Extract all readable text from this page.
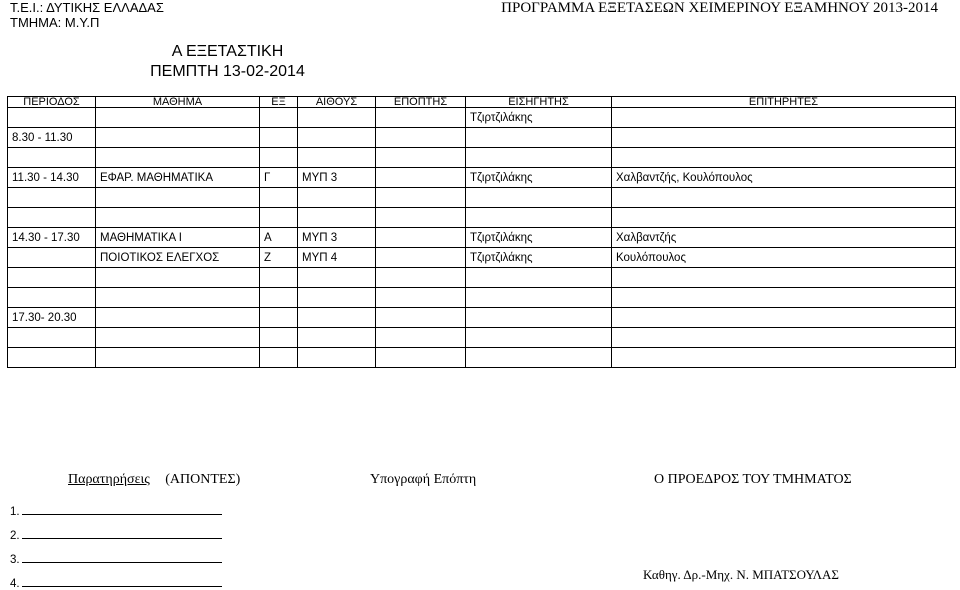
Τ.Ε.Ι.: ΔΥΤΙΚΗΣ ΕΛΛΑΔΑΣ
ΤΜΗΜΑ: Μ.Υ.Π
ΠΡΟΓΡΑΜΜΑ ΕΞΕΤΑΣΕΩΝ ΧΕΙΜΕΡΙΝΟΥ ΕΞΑΜΗΝΟΥ 2013-2014
Α ΕΞΕΤΑΣΤΙΚΗ
ΠΕΜΠΤΗ 13-02-2014
ΠΕΡΙΟΔΟΣ	ΜΑΘΗΜΑ	ΕΞ	ΑΙΘΟΥΣ	ΕΠΟΠΤΗΣ	ΕΙΣΗΓΗΤΗΣ	ΕΠΙΤΗΡΗΤΕΣ
					Τζιρτζιλάκης	
8.30 - 11.30						

11.30 - 14.30	ΕΦΑΡ. ΜΑΘΗΜΑΤΙΚΑ	Γ	ΜΥΠ 3		Τζιρτζιλάκης	Χαλβαντζής, Κουλόπουλος

14.30 - 17.30	ΜΑΘΗΜΑΤΙΚΑ Ι	Α	ΜΥΠ 3		Τζιρτζιλάκης	Χαλβαντζής
	ΠΟΙΟΤΙΚΟΣ ΕΛΕΓΧΟΣ	Ζ	ΜΥΠ 4		Τζιρτζιλάκης	Κουλόπουλος

17.30- 20.30						

Παρατηρήσεις (ΑΠΟΝΤΕΣ)	Υπογραφή Επόπτη	Ο ΠΡΟΕΔΡΟΣ ΤΟΥ ΤΜΗΜΑΤΟΣ
Καθηγ. Δρ.-Μηχ. Ν. ΜΠΑΤΣΟΥΛΑΣ
1.
2.
3.
4.
